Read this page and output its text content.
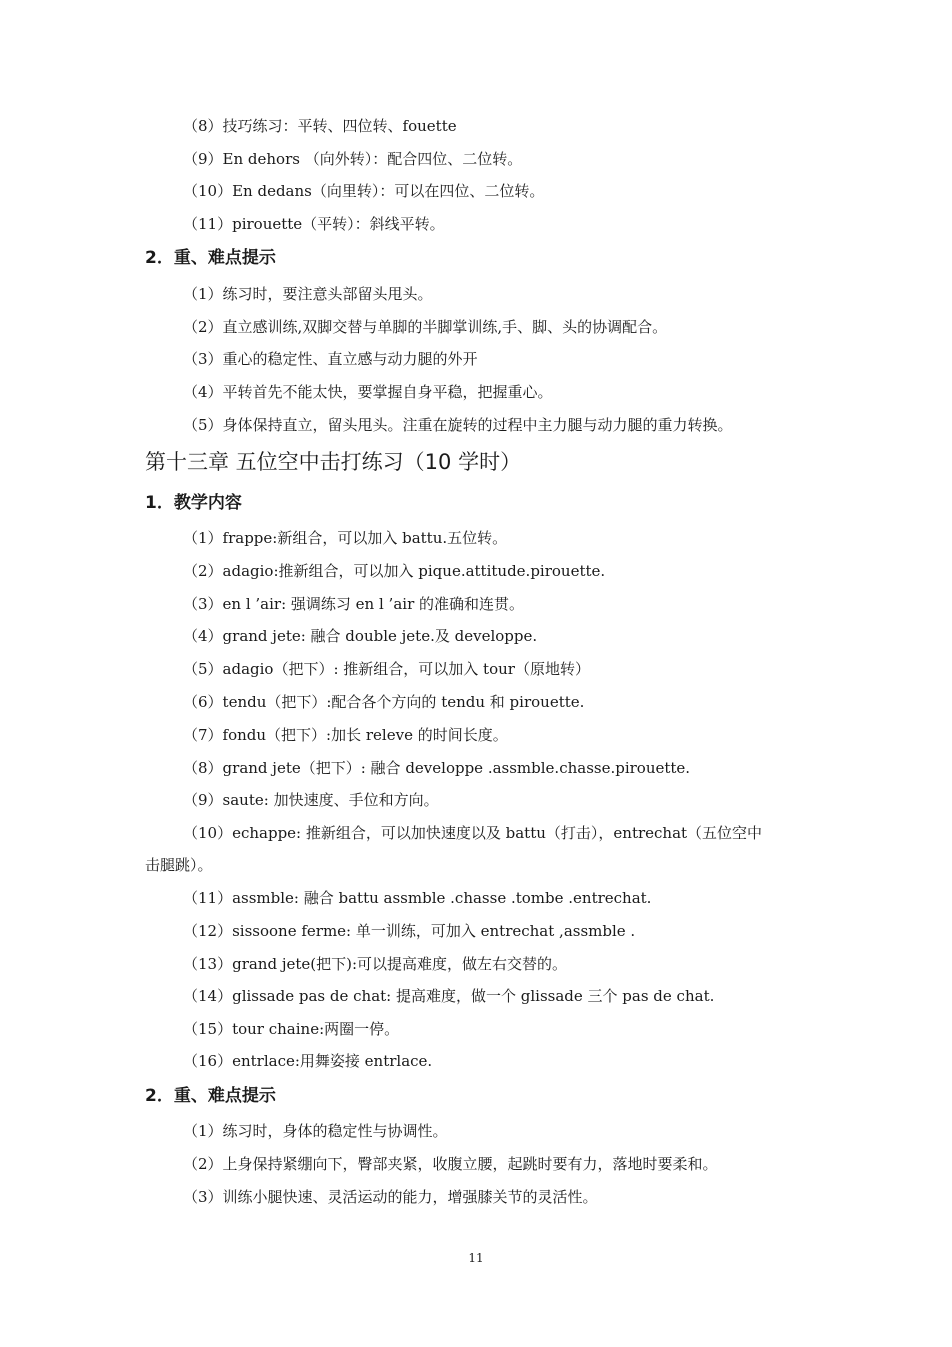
（8）技巧练习：平转、四位转、fouette
（9）En dehors （向外转）：配合四位、二位转。
（10）En dedans（向里转）：可以在四位、二位转。
（11）pirouette（平转）：斜线平转。
2．重、难点提示
（1）练习时，要注意头部留头甩头。
（2）直立感训练,双脚交替与单脚的半脚掌训练,手、脚、头的协调配合。
（3）重心的稳定性、直立感与动力腿的外开
（4）平转首先不能太快，要掌握自身平稳，把握重心。
（5）身体保持直立，留头甩头。注重在旋转的过程中主力腿与动力腿的重力转换。
第十三章 五位空中击打练习（10 学时）
1．教学内容
（1）frappe:新组合，可以加入 battu.五位转。
（2）adagio:推新组合，可以加入 pique.attitude.pirouette.
（3）en l ’air: 强调练习 en l ’air 的准确和连贯。
（4）grand jete: 融合 double jete.及 developpe.
（5）adagio（把下）: 推新组合，可以加入 tour（原地转）
（6）tendu（把下）:配合各个方向的 tendu 和 pirouette.
（7）fondu（把下）:加长 releve 的时间长度。
（8）grand jete（把下）: 融合 developpe .assmble.chasse.pirouette.
（9）saute: 加快速度、手位和方向。
（10）echappe: 推新组合，可以加快速度以及 battu（打击），entrechat（五位空中
击腿跳）。
（11）assmble: 融合 battu assmble .chasse .tombe .entrechat.
（12）sissoone ferme: 单一训练，可加入 entrechat ,assmble .
（13）grand jete(把下):可以提高难度，做左右交替的。
（14）glissade pas de chat: 提高难度，做一个 glissade 三个 pas de chat.
（15）tour chaine:两圈一停。
（16）entrlace:用舞姿接 entrlace.
2．重、难点提示
（1）练习时，身体的稳定性与协调性。
（2）上身保持紧绷向下，臀部夹紧，收腹立腰，起跳时要有力，落地时要柔和。
（3）训练小腿快速、灵活运动的能力，增强膝关节的灵活性。
11
